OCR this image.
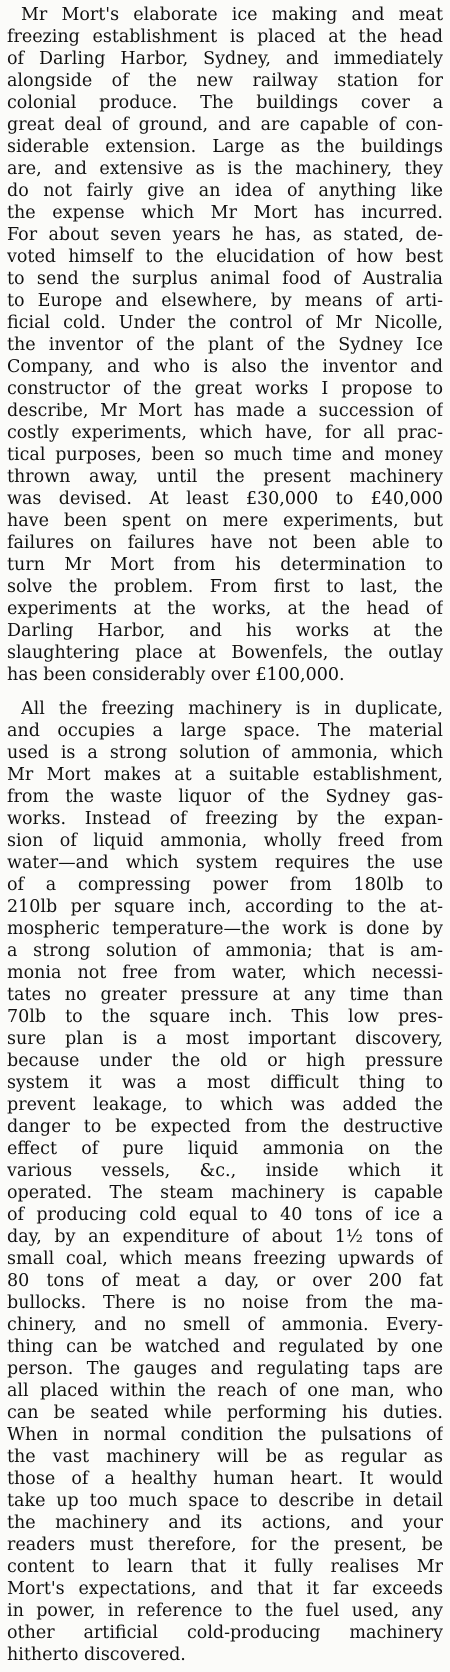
Mr Mort's elaborate ice making and meat
freezing establishment is placed at the head
of Darling Harbor, Sydney, and immediately
alongside of the new railway station for
colonial produce. The buildings cover a
great deal of ground, and are capable of con-
siderable extension. Large as the buildings
are, and extensive as is the machinery, they
do not fairly give an idea of anything like
the expense which Mr Mort has incurred.
For about seven years he has, as stated, de-
voted himself to the elucidation of how best
to send the surplus animal food of Australia
to Europe and elsewhere, by means of arti-
ficial cold. Under the control of Mr Nicolle,
the inventor of the plant of the Sydney Ice
Company, and who is also the inventor and
constructor of the great works I propose to
describe, Mr Mort has made a succession of
costly experiments, which have, for all prac-
tical purposes, been so much time and money
thrown away, until the present machinery
was devised. At least £30,000 to £40,000
have been spent on mere experiments, but
failures on failures have not been able to
turn Mr Mort from his determination to
solve the problem. From first to last, the
experiments at the works, at the head of
Darling Harbor, and his works at the
slaughtering place at Bowenfels, the outlay
has been considerably over £100,000.
All the freezing machinery is in duplicate,
and occupies a large space. The material
used is a strong solution of ammonia, which
Mr Mort makes at a suitable establishment,
from the waste liquor of the Sydney gas-
works. Instead of freezing by the expan-
sion of liquid ammonia, wholly freed from
water—and which system requires the use
of a compressing power from 180lb to
210lb per square inch, according to the at-
mospheric temperature—the work is done by
a strong solution of ammonia; that is am-
monia not free from water, which necessi-
tates no greater pressure at any time than
70lb to the square inch. This low pres-
sure plan is a most important discovery,
because under the old or high pressure
system it was a most difficult thing to
prevent leakage, to which was added the
danger to be expected from the destructive
effect of pure liquid ammonia on the
various vessels, &c., inside which it
operated. The steam machinery is capable
of producing cold equal to 40 tons of ice a
day, by an expenditure of about 1½ tons of
small coal, which means freezing upwards of
80 tons of meat a day, or over 200 fat
bullocks. There is no noise from the ma-
chinery, and no smell of ammonia. Every-
thing can be watched and regulated by one
person. The gauges and regulating taps are
all placed within the reach of one man, who
can be seated while performing his duties.
When in normal condition the pulsations of
the vast machinery will be as regular as
those of a healthy human heart. It would
take up too much space to describe in detail
the machinery and its actions, and your
readers must therefore, for the present, be
content to learn that it fully realises Mr
Mort's expectations, and that it far exceeds
in power, in reference to the fuel used, any
other artificial cold-producing machinery
hitherto discovered.
